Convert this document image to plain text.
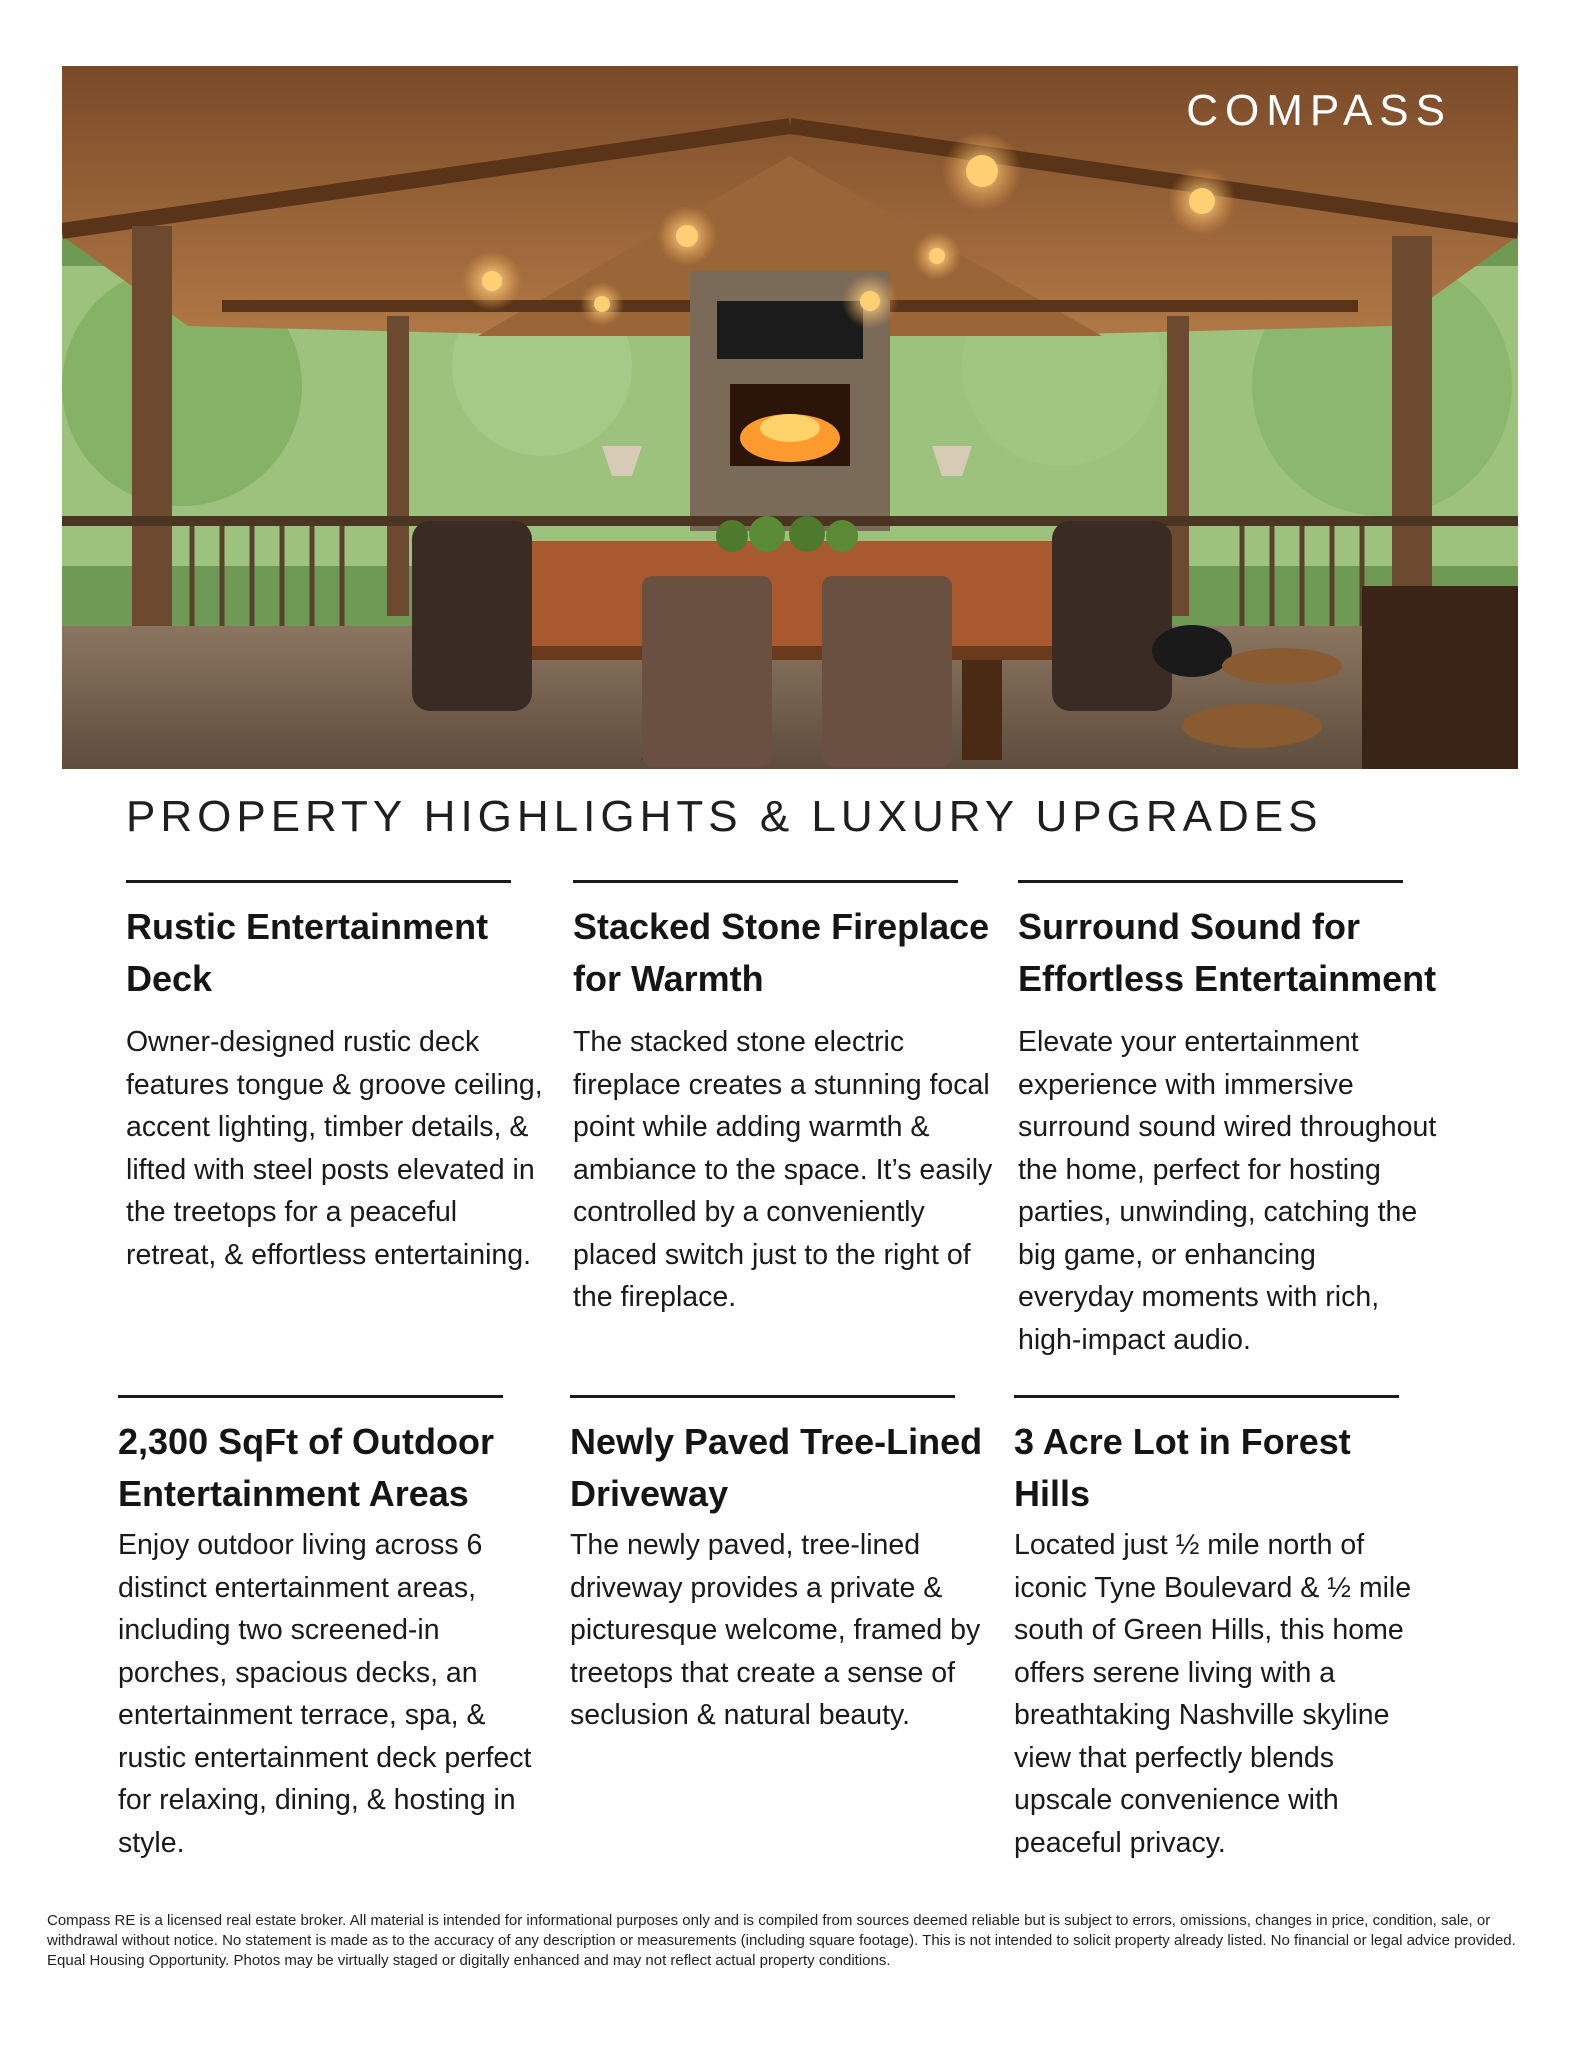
COMPASS
PROPERTY HIGHLIGHTS & LUXURY UPGRADES
Rustic Entertainment Deck

Owner-designed rustic deck features tongue & groove ceiling, accent lighting, timber details, & lifted with steel posts elevated in the treetops for a peaceful retreat, & effortless entertaining.

Stacked Stone Fireplace for Warmth

The stacked stone electric fireplace creates a stunning focal point while adding warmth & ambiance to the space. It’s easily controlled by a conveniently placed switch just to the right of the fireplace.

Surround Sound for Effortless Entertainment

Elevate your entertainment experience with immersive surround sound wired throughout the home, perfect for hosting parties, unwinding, catching the big game, or enhancing everyday moments with rich, high-impact audio.

2,300 SqFt of Outdoor Entertainment Areas

Enjoy outdoor living across 6 distinct entertainment areas, including two screened-in porches, spacious decks, an entertainment terrace, spa, & rustic entertainment deck perfect for relaxing, dining, & hosting in style.

Newly Paved Tree-Lined Driveway

The newly paved, tree-lined driveway provides a private & picturesque welcome, framed by treetops that create a sense of seclusion & natural beauty.

3 Acre Lot in Forest Hills

Located just ½ mile north of iconic Tyne Boulevard & ½ mile south of Green Hills, this home offers serene living with a breathtaking Nashville skyline view that perfectly blends upscale convenience with peaceful privacy.

Compass RE is a licensed real estate broker. All material is intended for informational purposes only and is compiled from sources deemed reliable but is subject to errors, omissions, changes in price, condition, sale, or withdrawal without notice. No statement is made as to the accuracy of any description or measurements (including square footage). This is not intended to solicit property already listed. No financial or legal advice provided. Equal Housing Opportunity. Photos may be virtually staged or digitally enhanced and may not reflect actual property conditions.
